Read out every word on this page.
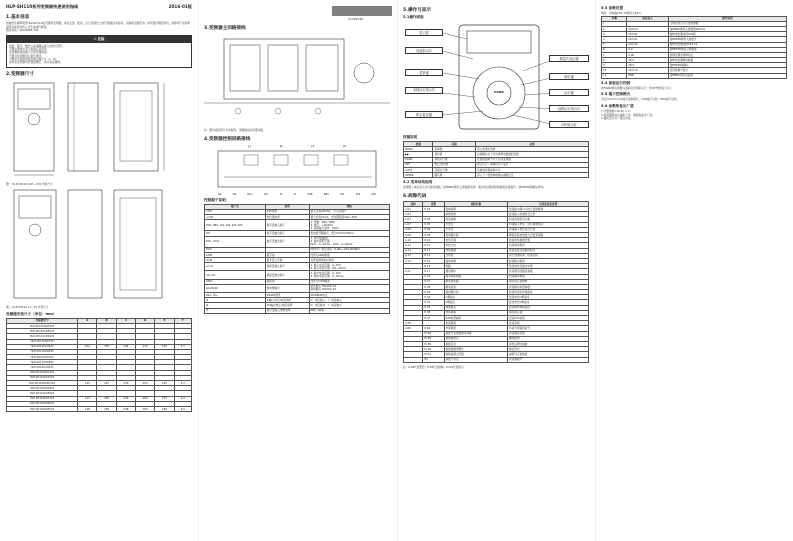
HLP-SH110系列变频器快速使用指南	2016-01版
1.基本信息
感谢您选择海利普HLP-SH110系列通用变频器。请在安装、配线、运行及维护之前仔细阅读本指南，以确保正确使用。如需更详细的资料，请参考产品使用说明书或咨询我公司及各地代理商。
服务热线：400-8895-335
⚠ 危险
安装、配线、维护之前请确认输入电源已断开。
不要在通电状态下拆装任何部件。
变频器的接地端子必须可靠接地。
不要对变频器进行耐压测试。
不要将交流电源接至输出端子U、V、W。
请勿在变频器内部遗留螺钉、线头等金属物。
2.变频器尺寸
图一 HLP-SH110 0D7~7D5 外形尺寸
图二 HLP-SH110 11~75 外形尺寸
变频器安装尺寸（单位：mm）
变频器型号	A	B	C	D	E	F
HLP-SH1100D7S21						
HLP-SH1101D5S21						
HLP-SH1102D2S21						
HLP-SH1100D743						
HLP-SH1101D543	104	125	194	210	150	4.5
HLP-SH1102D243						
HLP-SH1103D743						
HLP-SH1105D543						
HLP-SH1107D543						
HLP-SH110001143						
HLP-SH110001543						
HLP-SH110018D543	145	145	236	250	165	4.5
HLP-SH110002243						
HLP-SH110003043						
HLP-SH110003743	133	155	243	263	175	4.5
HLP-SH110004543						
HLP-SH110005543	148	192	248	365	189	6.5
11302155
3.变频器主回路接线
注：图中虚线部分为选配件，请根据实际需要选配。
4.变频器控制回路接线
J1	J2	J3	J4
KA	KB	RS+	RS-	AI	AI	FOR	REV	DI1	DI2	DI3
控制端子说明：
端子名	说明	规格
VDD	24V电源	最大负载200mA，不过流保护
+10V	电位器电源	最大负载10mA，电位器阻值1KΩ~5KΩ
FOR, REV, DI1, DI2, DI3, DI4	数字量输入端子	1. 逻辑：PNP / NPN
2. 电压：+DC24V
3. 最高输入频率：1KHz
DO	数字量输出端子	集电极开路输出，最大DC24V/50mA
DO1, DO2	数字量输出端子	1. OC开路输出
2. 输出频率范围
DO1：0~30mA　DO2：0~50mA
DO3		DO1出厂默认频率：0.001~100.000KHz
COM	数字地	内部与GND隔离
DCM	数字量公共端	外部电源供电时使用
AI, AI	模拟量输入端子	1. 输入电压范围：0~10V
2. 输入电流范围：0/4~20mA
AO, AO	模拟量输出端子	1. 输出电压范围：0~10V
2. 输出电流范围：0~20mA
GND	模拟地	内部与COM隔离
KA-KB-KC	继电器输出	常开触点 250VAC 3A
常闭触点 250VAC 3A
RS+, RS-	RS485通讯	MODBUS协议
J1	AI输入电压/电流选择	V：电压输入　I：电流输入
J2	AO输出电压/电流选择	V：电压输出　I：电流输出
J3	数字量输入逻辑选择	PNP / NPN
5.操作与显示
5.1操作面板
HAND
显示屏
功能指示灯
菜单键
本地运行指示灯
停止复位键
增量式电位器
移位键
运行键
远程运行指示灯
OFF指示灯
按键说明
按键	名称	功能
MENU	菜单键	进入或退出菜单
▶▶	移位键	在编辑状态下可选择修改数据的位数
HAND	本地运行键	在面板控制方式下启动变频器
OFF	停止/复位键	停止运行；故障状态下复位
AUTO	远程运行键	切换到远程控制方式
ENTER	确认键	进入下一级菜单或确认参数设定
5.2 菜单结构说明
变频器上电后显示运行监控参数。按MENU键进入参数组选择；通过电位器选择参数组及参数号；按ENTER键确认修改。
6.故障代码
故障	报警	故障名称	可能原因及处理
A.02	E.02	接地故障	检查输出端与大地之间的绝缘
A.03		缺相故障	检查输入电源是否正常
A.04	E.04	电流故障	检查负载是否过重
A.07	E.07	过电压	检查输入电压；延长减速时间
A.08	E.08	欠电压	检查输入电压是否过低
A.09	E.09	变频器过载	降低负载或更换大容量变频器
A.10	E.10	电机过载	检查电机参数设置
A.11	E.11	电机过热	检查电机散热
A.12	E.12	转矩限制	检查负载及加减速时间
A.13	E.13	过电流	延长加速时间，检查负载
A.14	E.14	接地故障	检查输出接线
	E.16	短路	检查电机及输出电缆
A.17	E.17	通讯超时	检查通讯线路及参数
	E.25	制动电阻短路	检查制动电阻
	E.27	制动管短路	联系供应商维修
	E.28	制动检查	检查制动电阻参数
	E.29	散热器过热	检查风扇及环境温度
	E.30	U相缺失	检查电机U相接线
	E.31	V相缺失	检查电机V相接线
	E.32	W相缺失	检查电机W相接线
	E.38	内部故障	联系供应商
	E.47	24V电源故障	检查24V负载
A.59		电流限制	检查负载
A.60	E.60	外部联锁	检查外部联锁信号
	Er.84	面板与变频器通讯故障	检查面板连接
	Er.85	按键被锁定	解锁按键
	Er.89	参数只读	停机后修改参数
	Er.90	参数数据库繁忙	稍后再试
	Er.91	参数值超出范围	重新设定参数值
	Err	参数不存在	检查参数号
注：A.XX代表警告；E.XX代表故障；Er.XX代表提示。
5.3 参数设置
例如：将参数C03.10修改为28.5：
步骤	面板显示	操作说明
1		上电后显示运行监控参数
2	C00.04	按MENU键进入参数组C00.04
3	C03.01	旋转电位器选择C03组
4	C03.01	按ENTER键进入参数号
5	C03.10	旋转电位器选择C03.10
6	0.0	按ENTER键显示参数值
7	0.00	按移位键选择修改位
8	28.5	旋转电位器修改数值
9	28.5	按ENTER键确认
10	C03.10	返回参数号显示
11	END	按MENU键返回监控
5.4 面板运行控制
按HAND键变频器以面板给定频率运行；按OFF键停止运行。
5.5 端子控制模式
设定C00.21=1为端子控制模式，FOR端子正转，REV端子反转。
5.6 参数恢复出厂值
1.设置参数C14.22 = 2；
2.变频器断电后重新上电，参数恢复出厂值；
3.面板显示出厂值后完成。
